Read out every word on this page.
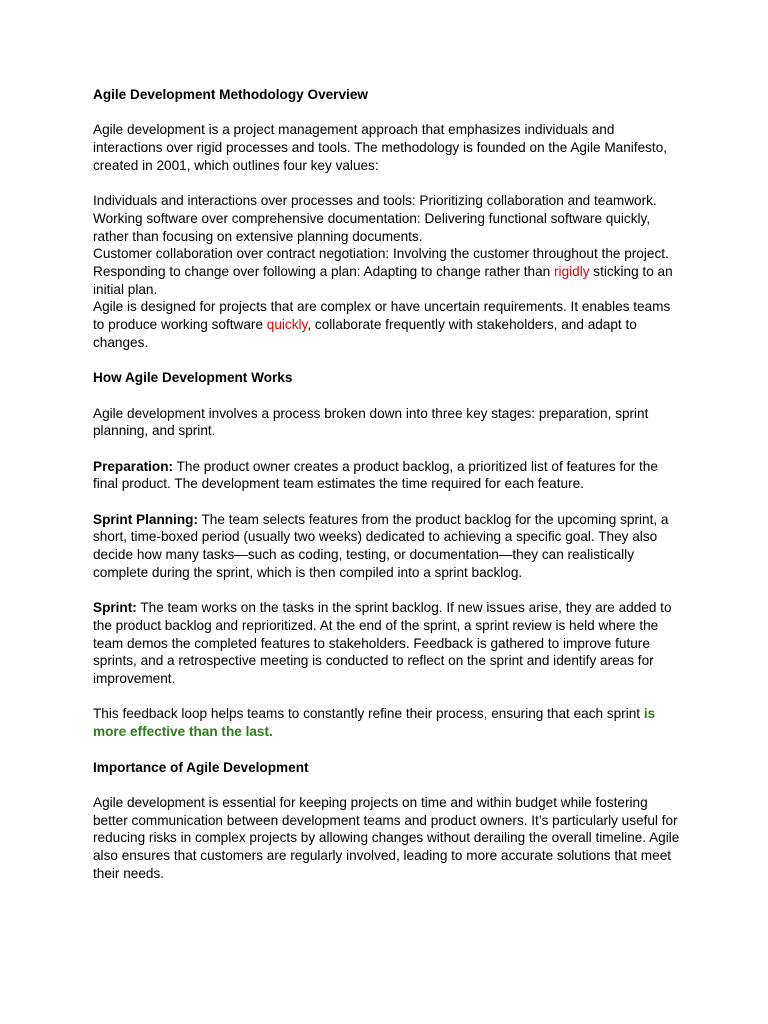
Agile Development Methodology Overview

Agile development is a project management approach that emphasizes individuals and interactions over rigid processes and tools. The methodology is founded on the Agile Manifesto, created in 2001, which outlines four key values:

Individuals and interactions over processes and tools: Prioritizing collaboration and teamwork.

Working software over comprehensive documentation: Delivering functional software quickly, rather than focusing on extensive planning documents.

Customer collaboration over contract negotiation: Involving the customer throughout the project.

Responding to change over following a plan: Adapting to change rather than rigidly sticking to an initial plan.

Agile is designed for projects that are complex or have uncertain requirements. It enables teams to produce working software quickly, collaborate frequently with stakeholders, and adapt to changes.

How Agile Development Works

Agile development involves a process broken down into three key stages: preparation, sprint planning, and sprint.

Preparation: The product owner creates a product backlog, a prioritized list of features for the final product. The development team estimates the time required for each feature.

Sprint Planning: The team selects features from the product backlog for the upcoming sprint, a short, time-boxed period (usually two weeks) dedicated to achieving a specific goal. They also decide how many tasks—such as coding, testing, or documentation—they can realistically complete during the sprint, which is then compiled into a sprint backlog.

Sprint: The team works on the tasks in the sprint backlog. If new issues arise, they are added to the product backlog and reprioritized. At the end of the sprint, a sprint review is held where the team demos the completed features to stakeholders. Feedback is gathered to improve future sprints, and a retrospective meeting is conducted to reflect on the sprint and identify areas for improvement.

This feedback loop helps teams to constantly refine their process, ensuring that each sprint is more effective than the last.

Importance of Agile Development

Agile development is essential for keeping projects on time and within budget while fostering better communication between development teams and product owners. It’s particularly useful for reducing risks in complex projects by allowing changes without derailing the overall timeline. Agile also ensures that customers are regularly involved, leading to more accurate solutions that meet their needs.
